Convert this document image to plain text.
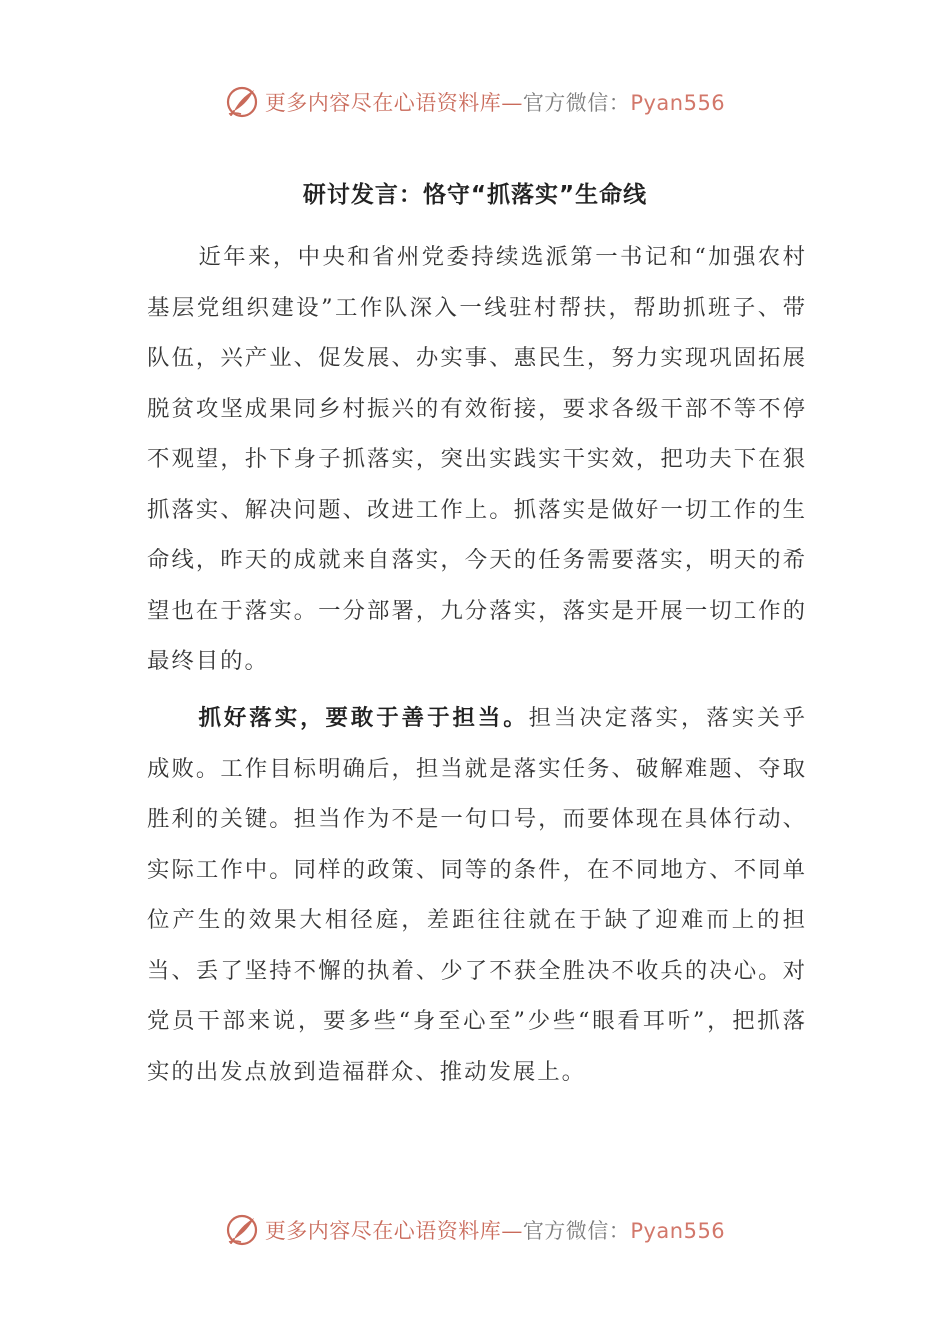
更多内容尽在心语资料库—官方微信：Pyan556
研讨发言：恪守“抓落实”生命线
近年来，中央和省州党委持续选派第一书记和“加强农村基层党组织建设”工作队深入一线驻村帮扶，帮助抓班子、带队伍，兴产业、促发展、办实事、惠民生，努力实现巩固拓展脱贫攻坚成果同乡村振兴的有效衔接，要求各级干部不等不停不观望，扑下身子抓落实，突出实践实干实效，把功夫下在狠抓落实、解决问题、改进工作上。抓落实是做好一切工作的生命线，昨天的成就来自落实，今天的任务需要落实，明天的希望也在于落实。一分部署，九分落实，落实是开展一切工作的最终目的。
抓好落实，要敢于善于担当。担当决定落实，落实关乎成败。工作目标明确后，担当就是落实任务、破解难题、夺取胜利的关键。担当作为不是一句口号，而要体现在具体行动、实际工作中。同样的政策、同等的条件，在不同地方、不同单位产生的效果大相径庭，差距往往就在于缺了迎难而上的担当、丢了坚持不懈的执着、少了不获全胜决不收兵的决心。对党员干部来说，要多些“身至心至”少些“眼看耳听”，把抓落实的出发点放到造福群众、推动发展上。
更多内容尽在心语资料库—官方微信：Pyan556
